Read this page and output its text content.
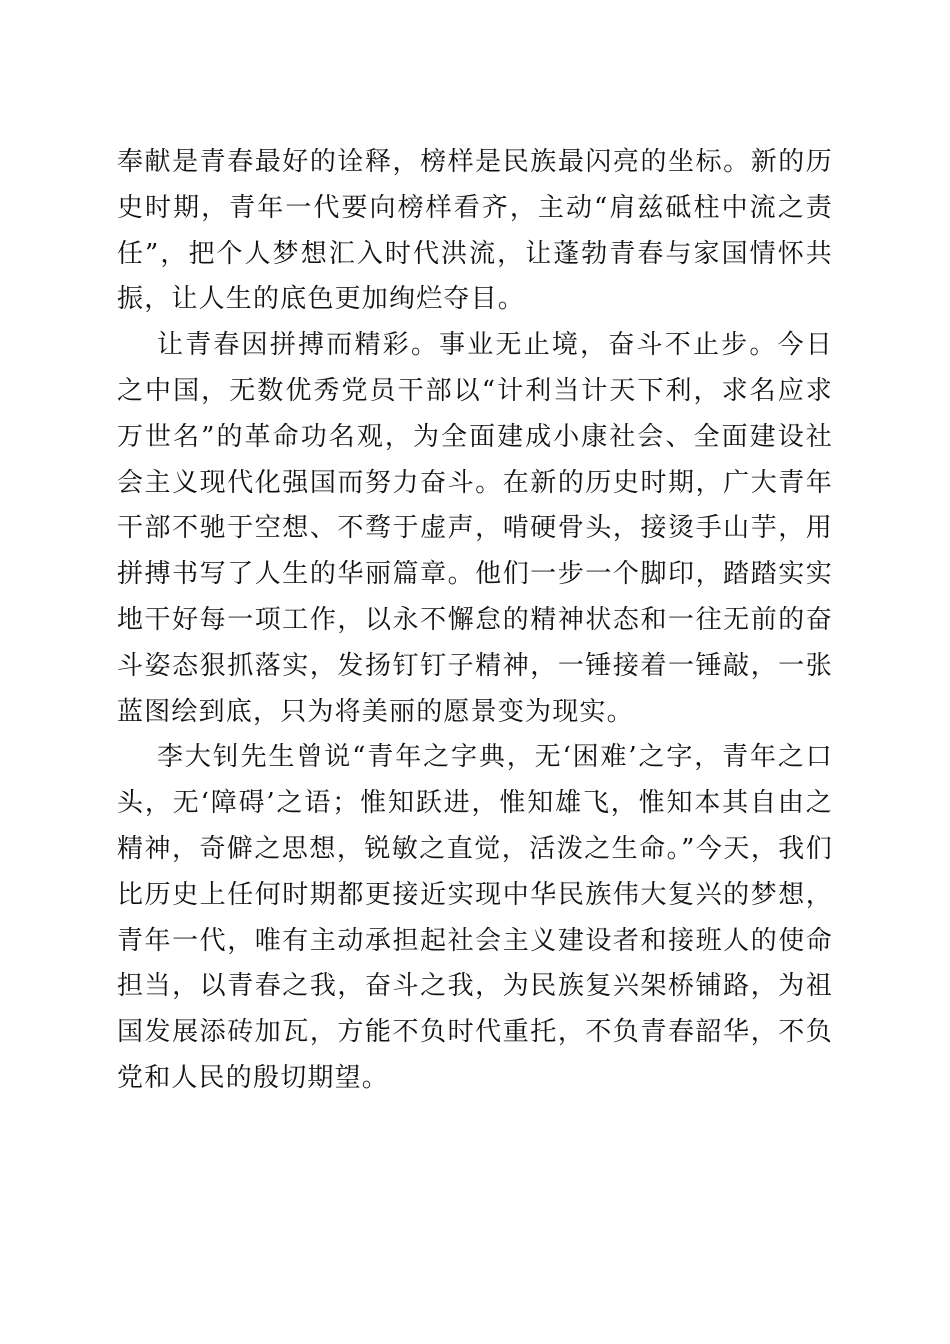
奉献是青春最好的诠释，榜样是民族最闪亮的坐标。新的历史时期，青年一代要向榜样看齐，主动“肩兹砥柱中流之责任”，把个人梦想汇入时代洪流，让蓬勃青春与家国情怀共振，让人生的底色更加绚烂夺目。

让青春因拼搏而精彩。事业无止境，奋斗不止步。今日之中国，无数优秀党员干部以“计利当计天下利，求名应求万世名”的革命功名观，为全面建成小康社会、全面建设社会主义现代化强国而努力奋斗。在新的历史时期，广大青年干部不驰于空想、不骛于虚声，啃硬骨头，接烫手山芋，用拼搏书写了人生的华丽篇章。他们一步一个脚印，踏踏实实地干好每一项工作，以永不懈怠的精神状态和一往无前的奋斗姿态狠抓落实，发扬钉钉子精神，一锤接着一锤敲，一张蓝图绘到底，只为将美丽的愿景变为现实。

李大钊先生曾说“青年之字典，无‘困难’之字，青年之口头，无‘障碍’之语；惟知跃进，惟知雄飞，惟知本其自由之精神，奇僻之思想，锐敏之直觉，活泼之生命。”今天，我们比历史上任何时期都更接近实现中华民族伟大复兴的梦想，青年一代，唯有主动承担起社会主义建设者和接班人的使命担当，以青春之我，奋斗之我，为民族复兴架桥铺路，为祖国发展添砖加瓦，方能不负时代重托，不负青春韶华，不负党和人民的殷切期望。
